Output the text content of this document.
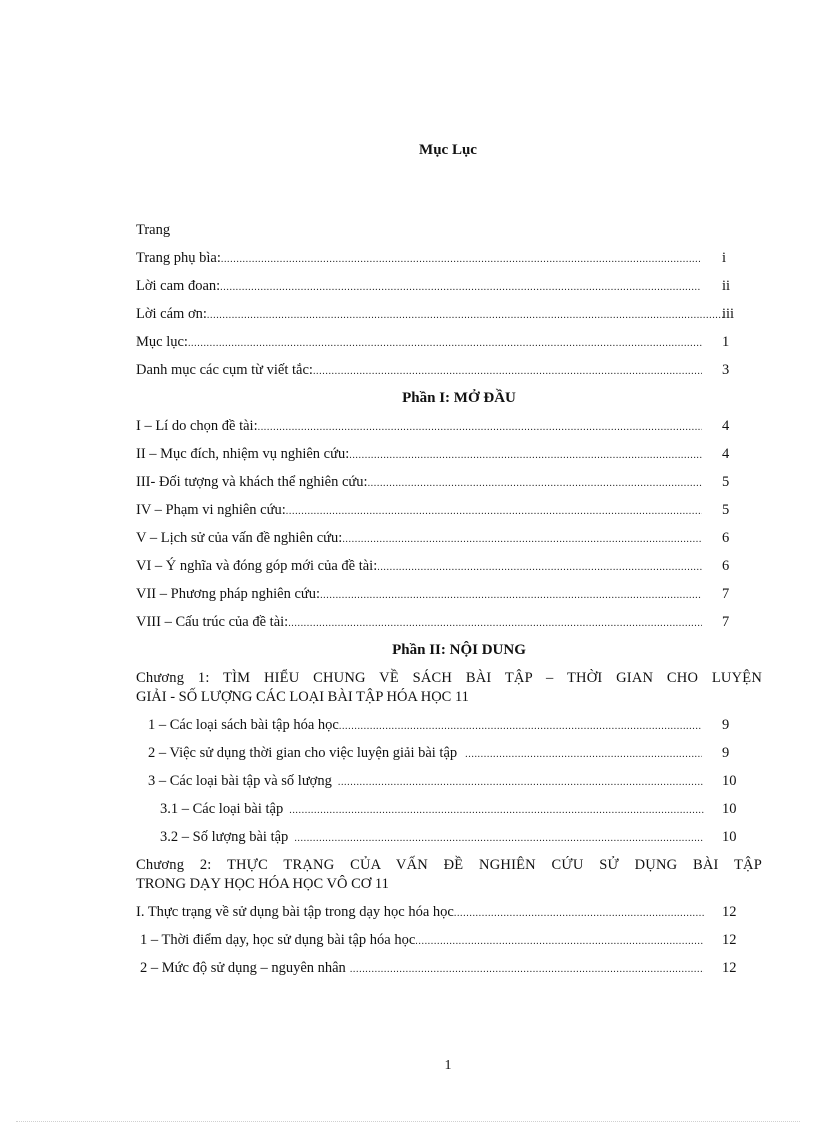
Mục Lục
Trang
Trang phụ bìa: .....	i
Lời cam đoan: .....	ii
Lời cám ơn: .....	iii
Mục lục: .....	1
Danh mục các cụm từ viết tắc: .....	3
Phần I: MỞ ĐẦU
I – Lí do chọn đề tài: .....	4
II – Mục đích, nhiệm vụ nghiên cứu: .....	4
III- Đối tượng và khách thể nghiên cứu: .....	5
IV – Phạm vi nghiên cứu: .....	5
V – Lịch sử của vấn đề nghiên cứu: .....	6
VI – Ý nghĩa và đóng góp mới của đề tài: .....	6
VII – Phương pháp nghiên cứu: .....	7
VIII – Cấu trúc của đề tài: .....	7
Phần II: NỘI DUNG
Chương 1: TÌM HIỂU CHUNG VỀ SÁCH BÀI TẬP – THỜI GIAN CHO LUYỆN
GIẢI - SỐ LƯỢNG CÁC LOẠI BÀI TẬP HÓA HỌC 11
1 – Các loại sách bài tập hóa học .....	9
2 – Việc sử dụng thời gian cho việc luyện giải bài tập .....	9
3 – Các loại bài tập và số lượng .....	10
3.1 – Các loại bài tập .....	10
3.2 – Số lượng bài tập .....	10
Chương 2: THỰC TRẠNG CỦA VẤN ĐỀ NGHIÊN CỨU SỬ DỤNG BÀI TẬP
TRONG DẠY HỌC HÓA HỌC VÔ CƠ 11
I. Thực trạng về sử dụng bài tập trong dạy học hóa học .....	12
1 – Thời điểm dạy, học sử dụng bài tập hóa học .....	12
2 – Mức độ sử dụng – nguyên nhân .....	12
1
